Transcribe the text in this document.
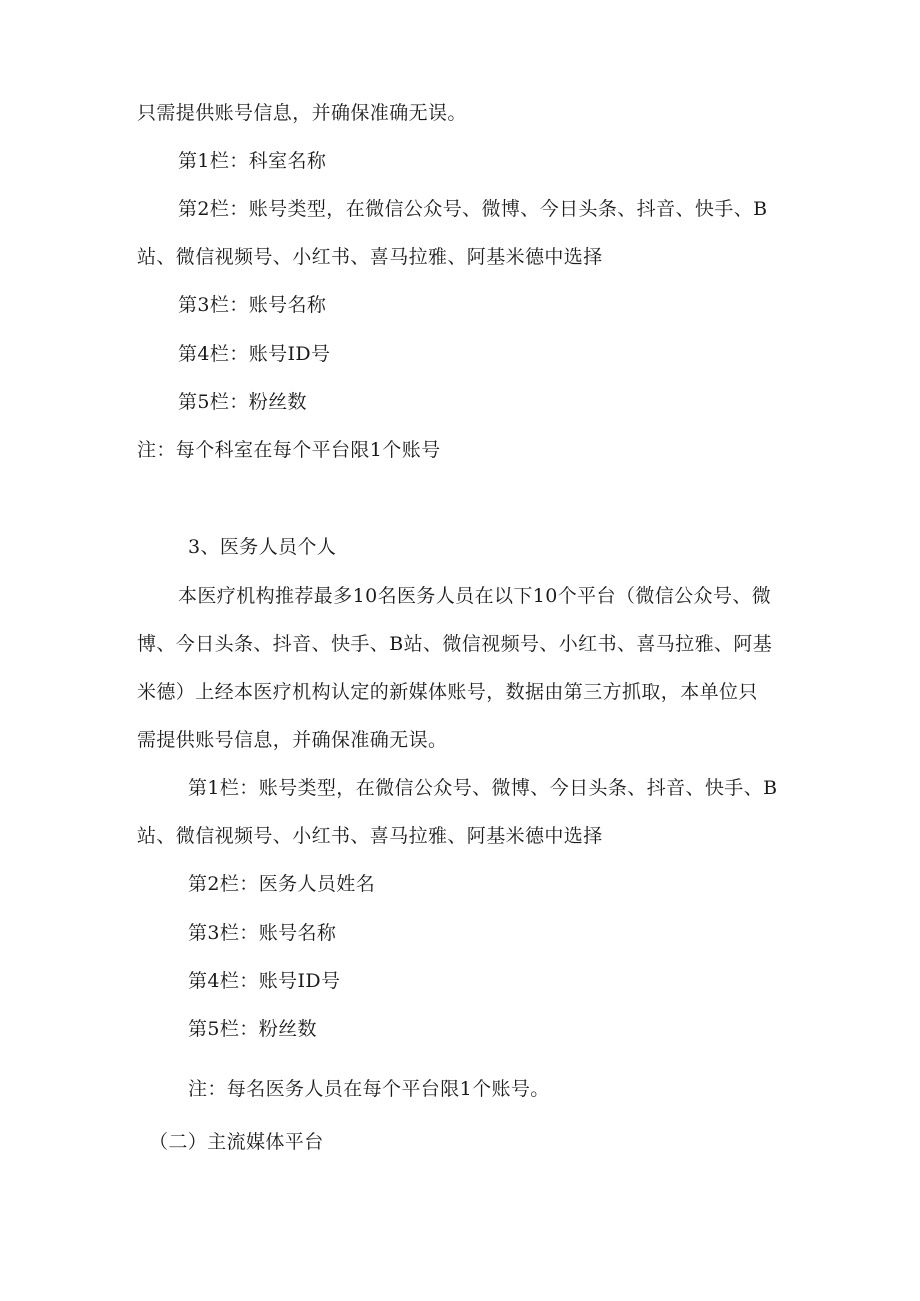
只需提供账号信息，并确保准确无误。
第1栏：科室名称
第2栏：账号类型，在微信公众号、微博、今日头条、抖音、快手、B
站、微信视频号、小红书、喜马拉雅、阿基米德中选择
第3栏：账号名称
第4栏：账号ID号
第5栏：粉丝数
注：每个科室在每个平台限1个账号
3、医务人员个人
本医疗机构推荐最多10名医务人员在以下10个平台（微信公众号、微
博、今日头条、抖音、快手、B站、微信视频号、小红书、喜马拉雅、阿基
米德）上经本医疗机构认定的新媒体账号，数据由第三方抓取，本单位只
需提供账号信息，并确保准确无误。
第1栏：账号类型，在微信公众号、微博、今日头条、抖音、快手、B
站、微信视频号、小红书、喜马拉雅、阿基米德中选择
第2栏：医务人员姓名
第3栏：账号名称
第4栏：账号ID号
第5栏：粉丝数
注：每名医务人员在每个平台限1个账号。
（二）主流媒体平台
